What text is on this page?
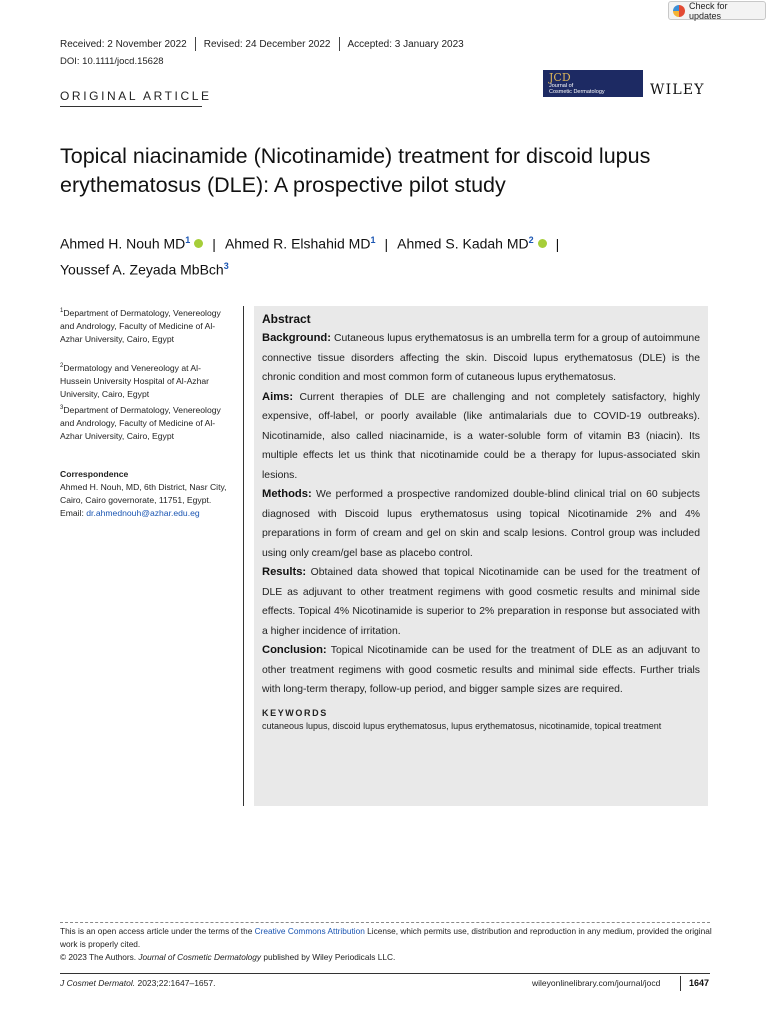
Check for updates
Received: 2 November 2022 Revised: 24 December 2022 Accepted: 3 January 2023
DOI: 10.1111/jocd.15628
ORIGINAL ARTICLE
JCD
Journal of
Cosmetic Dermatology	WILEY
Topical niacinamide (Nicotinamide) treatment for discoid lupus erythematosus (DLE): A prospective pilot study
Ahmed H. Nouh $MD^1$ | Ahmed R. Elshahid $MD^1$ | Ahmed S. Kadah $MD^2$ |
Youssef A. Zeyada MbBch$^3$
$^1$Department of Dermatology, Venereology and Andrology, Faculty of Medicine of Al-Azhar University, Cairo, Egypt
$^2$Dermatology and Venereology at Al-Hussein University Hospital of Al-Azhar University, Cairo, Egypt
$^3$Department of Dermatology, Venereology and Andrology, Faculty of Medicine of Al-Azhar University, Cairo, Egypt
Correspondence
Ahmed H. Nouh, MD, 6th District, Nasr City, Cairo, Cairo governorate, 11751, Egypt.
Email: dr.ahmednouh@azhar.edu.eg
Abstract

Background: Cutaneous lupus erythematosus is an umbrella term for a group of autoimmune connective tissue disorders affecting the skin. Discoid lupus erythematosus (DLE) is the chronic condition and most common form of cutaneous lupus erythematosus.

Aims: Current therapies of DLE are challenging and not completely satisfactory, highly expensive, off-label, or poorly available (like antimalarials due to COVID-19 outbreaks). Nicotinamide, also called niacinamide, is a water-soluble form of vitamin B3 (niacin). Its multiple effects let us think that nicotinamide could be a therapy for lupus-associated skin lesions.

Methods: We performed a prospective randomized double-blind clinical trial on 60 subjects diagnosed with Discoid lupus erythematosus using topical Nicotinamide 2% and 4% preparations in form of cream and gel on skin and scalp lesions. Control group was included using only cream/gel base as placebo control.

Results: Obtained data showed that topical Nicotinamide can be used for the treatment of DLE as adjuvant to other treatment regimens with good cosmetic results and minimal side effects. Topical 4% Nicotinamide is superior to 2% preparation in response but associated with a higher incidence of irritation.

Conclusion: Topical Nicotinamide can be used for the treatment of DLE as an adjuvant to other treatment regimens with good cosmetic results and minimal side effects. Further trials with long-term therapy, follow-up period, and bigger sample sizes are required.

KEYWORDS
cutaneous lupus, discoid lupus erythematosus, lupus erythematosus, nicotinamide, topical treatment
This is an open access article under the terms of the Creative Commons Attribution License, which permits use, distribution and reproduction in any medium, provided the original work is properly cited.
© 2023 The Authors. Journal of Cosmetic Dermatology published by Wiley Periodicals LLC.
J Cosmet Dermatol. 2023;22:1647–1657.	wileyonlinelibrary.com/journal/jocd	1647
